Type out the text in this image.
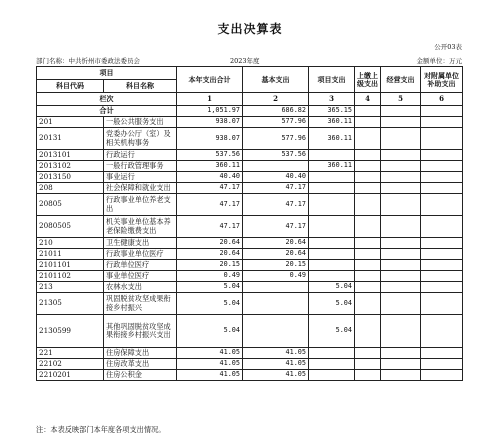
支出决算表
公开03表
部门名称：中共忻州市委政法委员会	2023年度	金额单位：万元
项目		本年支出合计	基本支出	项目支出	上缴上级支出	经营支出	对附属单位补助支出
科目代码	科目名称						
栏次		1	2	3	4	5	6
合计		1,051.97	686.82	365.15			
201	一般公共服务支出	938.07	577.96	360.11			
20131	党委办公厅（室）及相关机构事务	938.07	577.96	360.11			
2013101	行政运行	537.56	537.56				
2013102	一般行政管理事务	360.11		360.11			
2013150	事业运行	40.40	40.40				
208	社会保障和就业支出	47.17	47.17				
20805	行政事业单位养老支出	47.17	47.17				
2080505	机关事业单位基本养老保险缴费支出	47.17	47.17				
210	卫生健康支出	20.64	20.64				
21011	行政事业单位医疗	20.64	20.64				
2101101	行政单位医疗	20.15	20.15				
2101102	事业单位医疗	0.49	0.49				
213	农林水支出	5.04		5.04			
21305	巩固脱贫攻坚成果衔接乡村振兴	5.04		5.04			
2130599	其他巩固脱贫攻坚成果衔接乡村振兴支出	5.04		5.04			
221	住房保障支出	41.05	41.05				
22102	住房改革支出	41.05	41.05				
2210201	住房公积金	41.05	41.05				
注：本表反映部门本年度各项支出情况。
